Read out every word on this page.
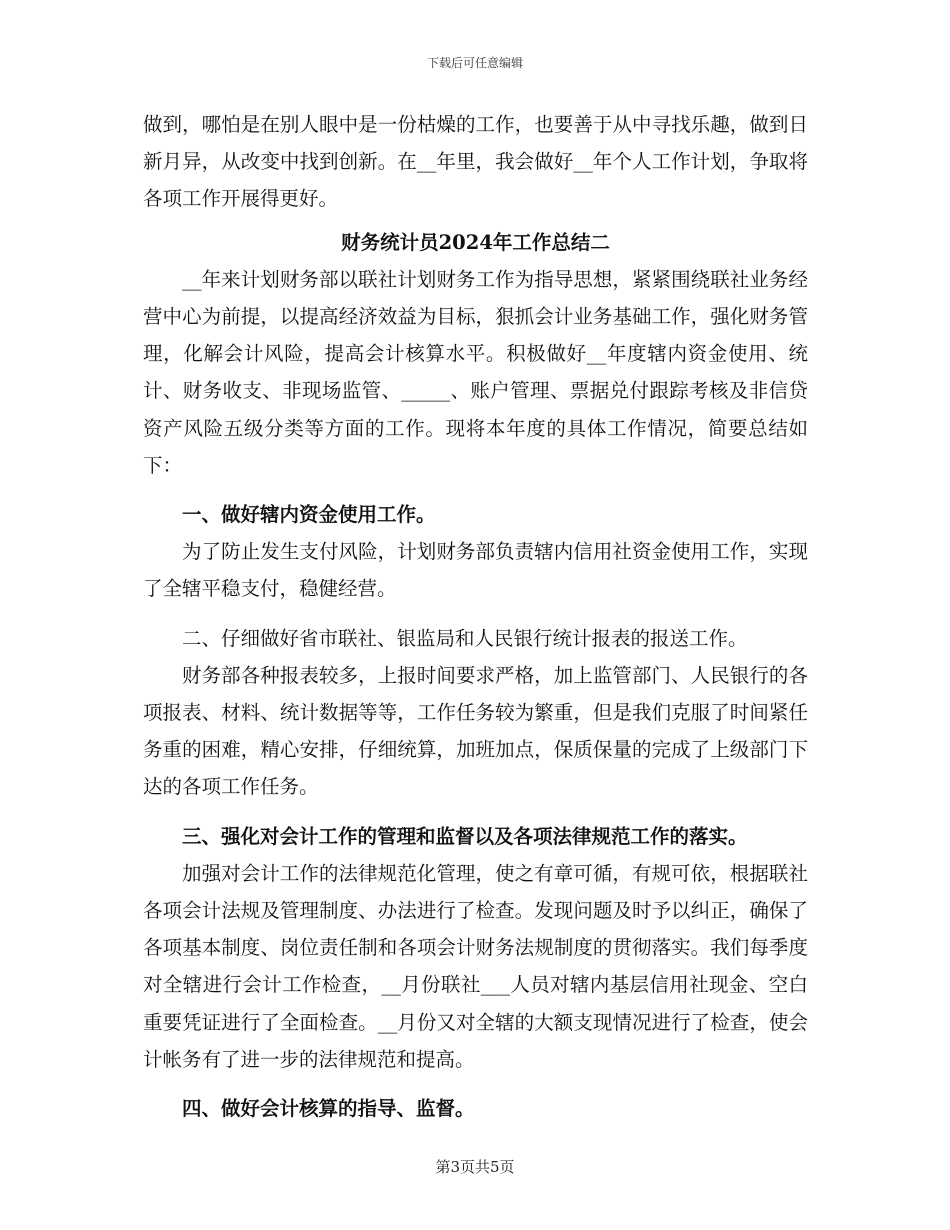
下载后可任意编辑

做到，哪怕是在别人眼中是一份枯燥的工作，也要善于从中寻找乐趣，做到日新月异，从改变中找到创新。在__年里，我会做好__年个人工作计划，争取将各项工作开展得更好。

财务统计员2024年工作总结二

__年来计划财务部以联社计划财务工作为指导思想，紧紧围绕联社业务经营中心为前提，以提高经济效益为目标，狠抓会计业务基础工作，强化财务管理，化解会计风险，提高会计核算水平。积极做好__年度辖内资金使用、统计、财务收支、非现场监管、_____、账户管理、票据兑付跟踪考核及非信贷资产风险五级分类等方面的工作。现将本年度的具体工作情况，简要总结如下：

一、做好辖内资金使用工作。

为了防止发生支付风险，计划财务部负责辖内信用社资金使用工作，实现了全辖平稳支付，稳健经营。

二、仔细做好省市联社、银监局和人民银行统计报表的报送工作。

财务部各种报表较多，上报时间要求严格，加上监管部门、人民银行的各项报表、材料、统计数据等等，工作任务较为繁重，但是我们克服了时间紧任务重的困难，精心安排，仔细统算，加班加点，保质保量的完成了上级部门下达的各项工作任务。

三、强化对会计工作的管理和监督以及各项法律规范工作的落实。

加强对会计工作的法律规范化管理，使之有章可循，有规可依，根据联社各项会计法规及管理制度、办法进行了检查。发现问题及时予以纠正，确保了各项基本制度、岗位责任制和各项会计财务法规制度的贯彻落实。我们每季度对全辖进行会计工作检查，__月份联社___人员对辖内基层信用社现金、空白重要凭证进行了全面检查。__月份又对全辖的大额支现情况进行了检查，使会计帐务有了进一步的法律规范和提高。

四、做好会计核算的指导、监督。

第3页共5页
